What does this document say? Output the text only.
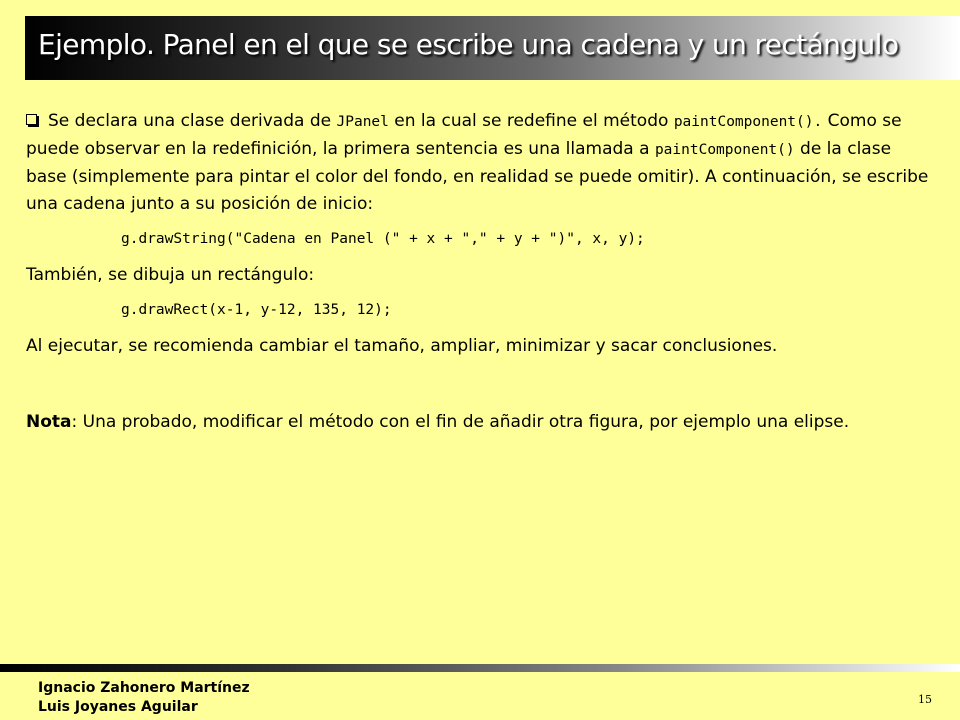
Ejemplo. Panel en el que se escribe una cadena y un rectángulo

Se declara una clase derivada de JPanel en la cual se redefine el método paintComponent(). Como se puede observar en la redefinición, la primera sentencia es una llamada a paintComponent() de la clase base (simplemente para pintar el color del fondo, en realidad se puede omitir). A continuación, se escribe una cadena junto a su posición de inicio:

g.drawString("Cadena en Panel (" + x + "," + y + ")", x, y);

También, se dibuja un rectángulo:

g.drawRect(x-1, y-12, 135, 12);

Al ejecutar, se recomienda cambiar el tamaño, ampliar, minimizar y sacar conclusiones.

Nota: Una probado, modificar el método con el fin de añadir otra figura, por ejemplo una elipse.

Ignacio Zahonero Martínez
Luis Joyanes Aguilar	15
